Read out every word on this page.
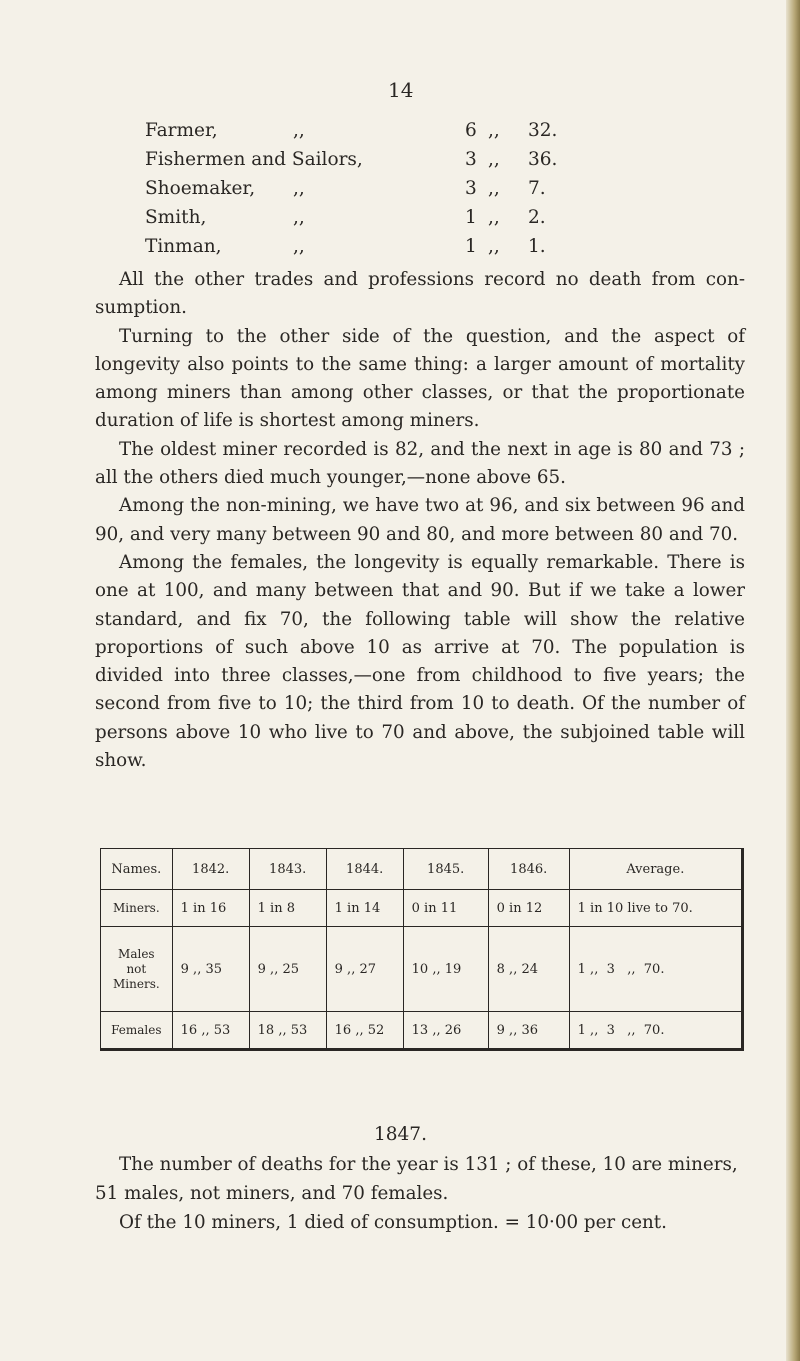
14
Farmer,	,,	6 ,, 32.
Fishermen and Sailors,	3 ,, 36.
Shoemaker, ,,	3 ,, 7.
Smith,	,,	1 ,, 2.
Tinman,	,,	1 ,, 1.

All the other trades and professions record no death from con-sumption.

Turning to the other side of the question, and the aspect of longevity also points to the same thing: a larger amount of mortality among miners than among other classes, or that the proportionate duration of life is shortest among miners.

The oldest miner recorded is 82, and the next in age is 80 and 73 ; all the others died much younger,—none above 65.

Among the non-mining, we have two at 96, and six between 96 and 90, and very many between 90 and 80, and more between 80 and 70.

Among the females, the longevity is equally remarkable. There is one at 100, and many between that and 90. But if we take a lower standard, and fix 70, the following table will show the relative proportions of such above 10 as arrive at 70. The population is divided into three classes,—one from childhood to five years; the second from five to 10; the third from 10 to death. Of the number of persons above 10 who live to 70 and above, the subjoined table will show.

Names.	1842.	1843.	1844.	1845.	1846.	Average.
Miners.	1 in 16	1 in 8	1 in 14	0 in 11	0 in 12	1 in 10 live to 70.
Males not Miners.	9 ,, 35	9 ,, 25	9 ,, 27	10 ,, 19	8 ,, 24	1 ,,  3   ,,  70.
Females	16 ,, 53	18 ,, 53	16 ,, 52	13 ,, 26	9 ,, 36	1 ,,  3   ,,  70.
1847.

The number of deaths for the year is 131 ; of these, 10 are miners, 51 males, not miners, and 70 females.

Of the 10 miners, 1 died of consumption. = 10·00 per cent.
